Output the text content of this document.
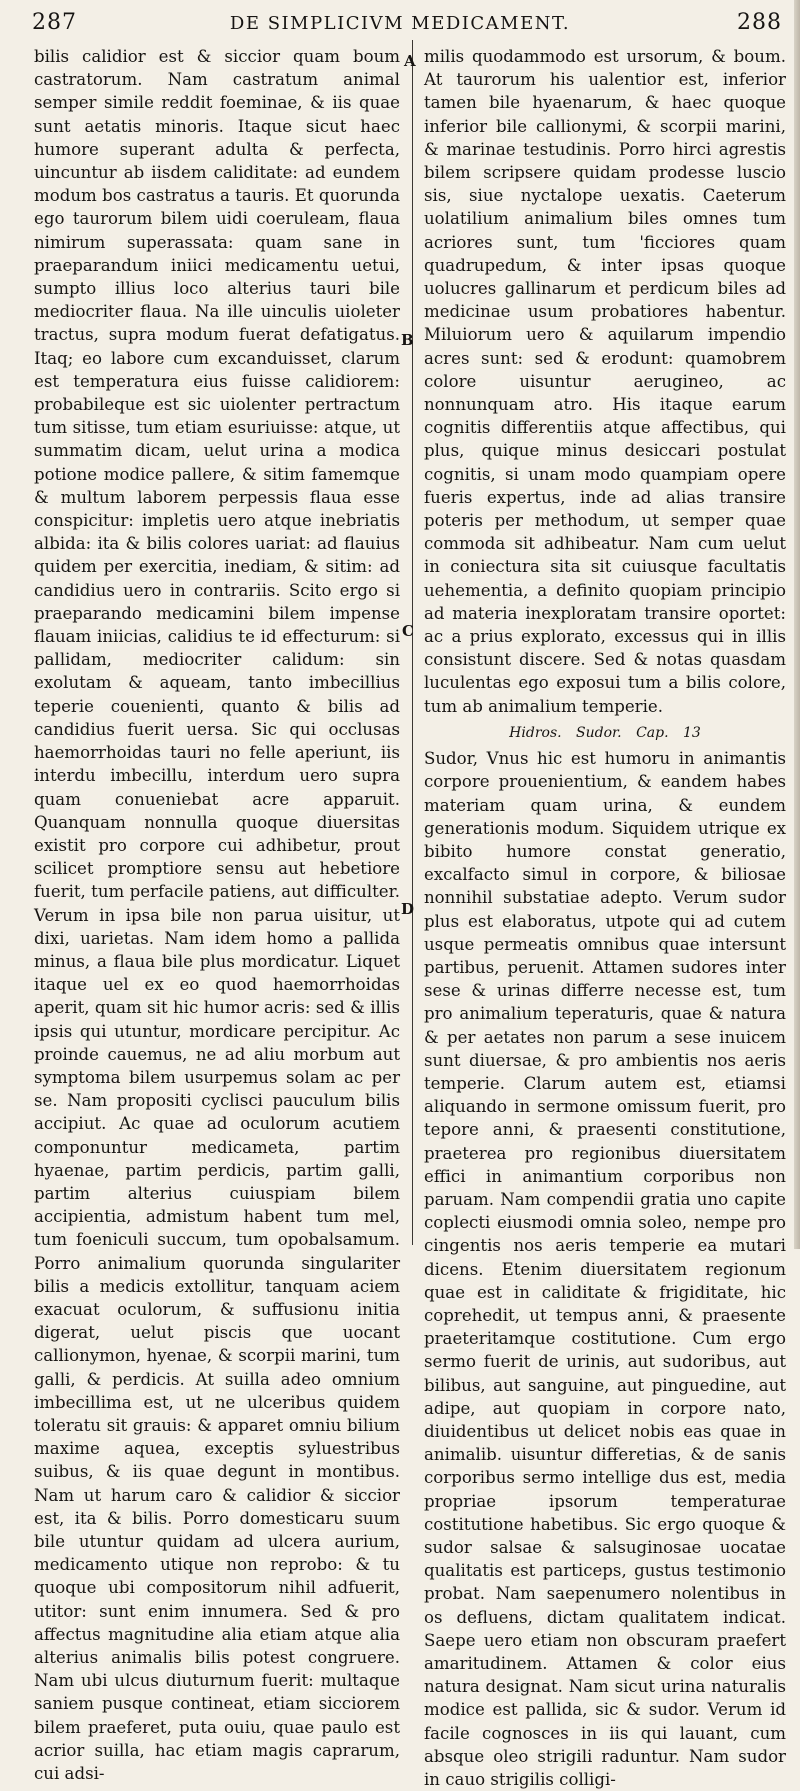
287	DE SIMPLICIVM MEDICAMENT.	288
A
B
C
D

bilis calidior est & siccior quam boum castratorum. Nam castratum animal semper simile reddit foeminae, & iis quae sunt aetatis minoris. Itaque sicut haec humore superant adulta & perfecta, uincuntur ab iisdem caliditate: ad eundem modum bos castratus a tauris. Et quorunda ego taurorum bilem uidi coeruleam, flaua nimirum superassata: quam sane in praeparandum iniici medicamentu uetui, sumpto illius loco alterius tauri bile mediocriter flaua. Na ille uinculis uioleter tractus, supra modum fuerat defatigatus. Itaq; eo labore cum excanduisset, clarum est temperatura eius fuisse calidiorem: probabileque est sic uiolenter pertractum tum sitisse, tum etiam esuriuisse: atque, ut summatim dicam, uelut urina a modica potione modice pallere, & sitim famemque & multum laborem perpessis flaua esse conspicitur: impletis uero atque inebriatis albida: ita & bilis colores uariat: ad flauius quidem per exercitia, inediam, & sitim: ad candidius uero in contrariis. Scito ergo si praeparando medicamini bilem impense flauam iniicias, calidius te id effecturum: si pallidam, mediocriter calidum: sin exolutam & aqueam, tanto imbecillius teperie couenienti, quanto & bilis ad candidius fuerit uersa. Sic qui occlusas haemorrhoidas tauri no felle aperiunt, iis interdu imbecillu, interdum uero supra quam conueniebat acre apparuit. Quanquam nonnulla quoque diuersitas existit pro corpore cui adhibetur, prout scilicet promptiore sensu aut hebetiore fuerit, tum perfacile patiens, aut difficulter. Verum in ipsa bile non parua uisitur, ut dixi, uarietas. Nam idem homo a pallida minus, a flaua bile plus mordicatur. Liquet itaque uel ex eo quod haemorrhoidas aperit, quam sit hic humor acris: sed & illis ipsis qui utuntur, mordicare percipitur. Ac proinde cauemus, ne ad aliu morbum aut symptoma bilem usurpemus solam ac per se. Nam propositi cyclisci pauculum bilis accipiut. Ac quae ad oculorum acutiem componuntur medicameta, partim hyaenae, partim perdicis, partim galli, partim alterius cuiuspiam bilem accipientia, admistum habent tum mel, tum foeniculi succum, tum opobalsamum. Porro animalium quorunda singulariter bilis a medicis extollitur, tanquam aciem exacuat oculorum, & suffusionu initia digerat, uelut piscis que uocant callionymon, hyenae, & scorpii marini, tum galli, & perdicis. At suilla adeo omnium imbecillima est, ut ne ulceribus quidem toleratu sit grauis: & apparet omniu bilium maxime aquea, exceptis syluestribus suibus, & iis quae degunt in montibus. Nam ut harum caro & calidior & siccior est, ita & bilis. Porro domesticaru suum bile utuntur quidam ad ulcera aurium, medicamento utique non reprobo: & tu quoque ubi compositorum nihil adfuerit, utitor: sunt enim innumera. Sed & pro affectus magnitudine alia etiam atque alia alterius animalis bilis potest congruere. Nam ubi ulcus diuturnum fuerit: multaque saniem pusque contineat, etiam sicciorem bilem praeferet, puta ouiu, quae paulo est acrior suilla, hac etiam magis caprarum, cui adsi-

milis quodammodo est ursorum, & boum. At taurorum his ualentior est, inferior tamen bile hyaenarum, & haec quoque inferior bile callionymi, & scorpii marini, & marinae testudinis. Porro hirci agrestis bilem scripsere quidam prodesse luscio sis, siue nyctalope uexatis. Caeterum uolatilium animalium biles omnes tum acriores sunt, tum 'ficciores quam quadrupedum, & inter ipsas quoque uolucres gallinarum et perdicum biles ad medicinae usum probatiores habentur. Miluiorum uero & aquilarum impendio acres sunt: sed & erodunt: quamobrem colore uisuntur aerugineo, ac nonnunquam atro. His itaque earum cognitis differentiis atque affectibus, qui plus, quique minus desiccari postulat cognitis, si unam modo quampiam opere fueris expertus, inde ad alias transire poteris per methodum, ut semper quae commoda sit adhibeatur. Nam cum uelut in coniectura sita sit cuiusque facultatis uehementia, a definito quopiam principio ad materia inexploratam transire oportet: ac a prius explorato, excessus qui in illis consistunt discere. Sed & notas quasdam luculentas ego exposui tum a bilis colore, tum ab animalium temperie.

Hidros. Sudor. Cap. 13

Sudor, Vnus hic est humoru in animantis corpore prouenientium, & eandem habes materiam quam urina, & eundem generationis modum. Siquidem utrique ex bibito humore constat generatio, excalfacto simul in corpore, & biliosae nonnihil substatiae adepto. Verum sudor plus est elaboratus, utpote qui ad cutem usque permeatis omnibus quae intersunt partibus, peruenit. Attamen sudores inter sese & urinas differre necesse est, tum pro animalium teperaturis, quae & natura & per aetates non parum a sese inuicem sunt diuersae, & pro ambientis nos aeris temperie. Clarum autem est, etiamsi aliquando in sermone omissum fuerit, pro tepore anni, & praesenti constitutione, praeterea pro regionibus diuersitatem effici in animantium corporibus non paruam. Nam compendii gratia uno capite coplecti eiusmodi omnia soleo, nempe pro cingentis nos aeris temperie ea mutari dicens. Etenim diuersitatem regionum quae est in caliditate & frigiditate, hic coprehedit, ut tempus anni, & praesente praeteritamque costitutione. Cum ergo sermo fuerit de urinis, aut sudoribus, aut bilibus, aut sanguine, aut pinguedine, aut adipe, aut quopiam in corpore nato, diuidentibus ut delicet nobis eas quae in animalib. uisuntur differetias, & de sanis corporibus sermo intellige dus est, media propriae ipsorum temperaturae costitutione habetibus. Sic ergo quoque & sudor salsae & salsuginosae uocatae qualitatis est particeps, gustus testimonio probat. Nam saepenumero nolentibus in os defluens, dictam qualitatem indicat. Saepe uero etiam non obscuram praefert amaritudinem. Attamen & color eius natura designat. Nam sicut urina naturalis modice est pallida, sic & sudor. Verum id facile cognosces in iis qui lauant, cum absque oleo strigili raduntur. Nam sudor in cauo strigilis colligi-
